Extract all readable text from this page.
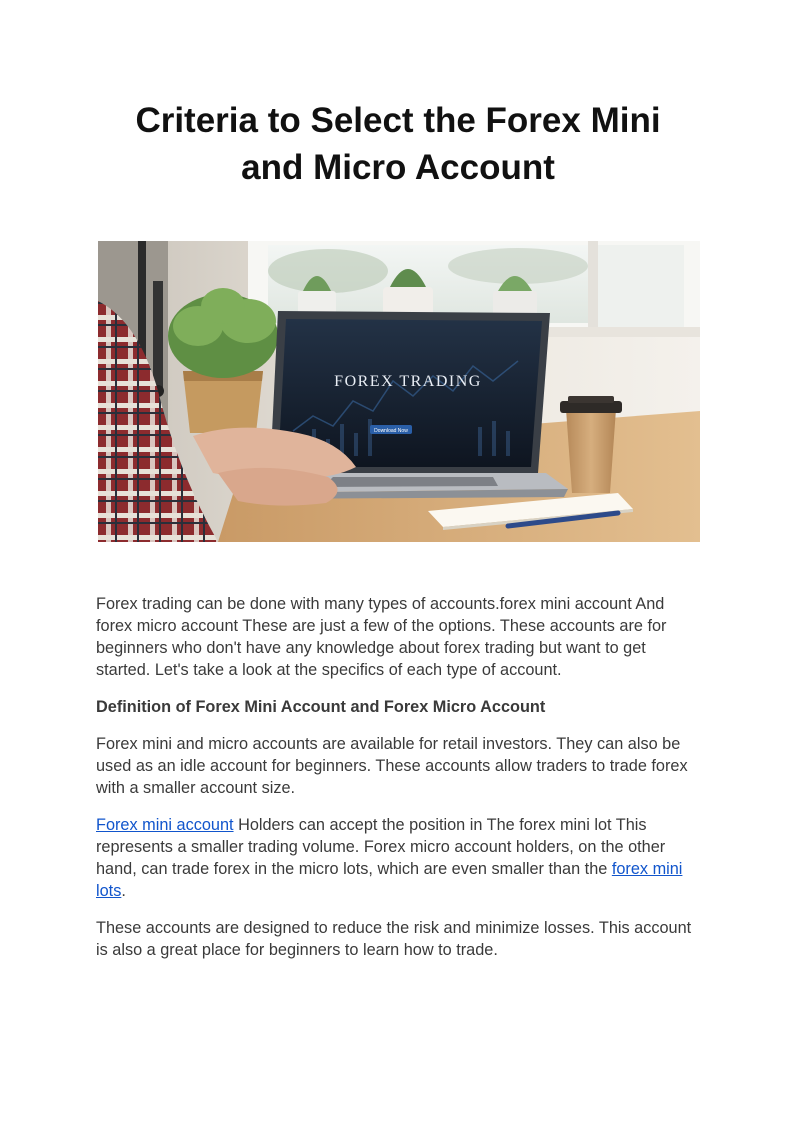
Criteria to Select the Forex Mini
and Micro Account
FOREX TRADING
Download Now

Forex trading can be done with many types of accounts.forex mini account And forex micro account These are just a few of the options. These accounts are for beginners who don't have any knowledge about forex trading but want to get started. Let's take a look at the specifics of each type of account.

Definition of Forex Mini Account and Forex Micro Account

Forex mini and micro accounts are available for retail investors. They can also be used as an idle account for beginners. These accounts allow traders to trade forex with a smaller account size.

Forex mini account Holders can accept the position in The forex mini lot This represents a smaller trading volume. Forex micro account holders, on the other hand, can trade forex in the micro lots, which are even smaller than the forex mini lots.

These accounts are designed to reduce the risk and minimize losses. This account is also a great place for beginners to learn how to trade.
